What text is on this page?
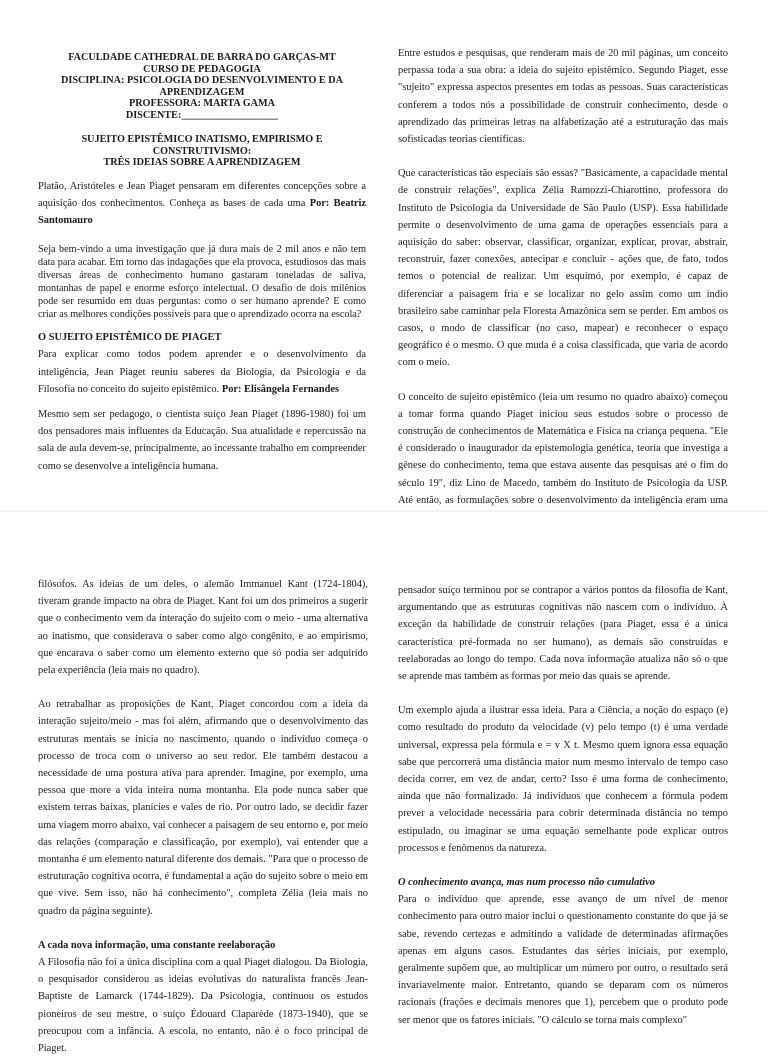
FACULDADE CATHEDRAL DE BARRA DO GARÇAS-MT

CURSO DE PEDAGOGIA

DISCIPLINA: PSICOLOGIA DO DESENVOLVIMENTO E DA APRENDIZAGEM

PROFESSORA: MARTA GAMA

DISCENTE:___________________

SUJEITO EPISTÊMICO INATISMO, EMPIRISMO E CONSTRUTIVISMO:

TRÊS IDEIAS SOBRE A APRENDIZAGEM

Platão, Aristóteles e Jean Piaget pensaram em diferentes concepções sobre a aquisição dos conhecimentos. Conheça as bases de cada uma Por: Beatriz Santomauro

Seja bem-vindo a uma investigação que já dura mais de 2 mil anos e não tem data para acabar. Em torno das indagações que ela provoca, estudiosos das mais diversas áreas de conhecimento humano gastaram toneladas de saliva, montanhas de papel e enorme esforço intelectual. O desafio de dois milênios pode ser resumido em duas perguntas: como o ser humano aprende? E como criar as melhores condições possíveis para que o aprendizado ocorra na escola?

O SUJEITO EPISTÊMICO DE PIAGET

Para explicar como todos podem aprender e o desenvolvimento da inteligência, Jean Piaget reuniu saberes da Biologia, da Psicologia e da Filosofia no conceito do sujeito epistêmico. Por: Elisângela Fernandes

Mesmo sem ser pedagogo, o cientista suíço Jean Piaget (1896-1980) foi um dos pensadores mais influentes da Educação. Sua atualidade e repercussão na sala de aula devem-se, principalmente, ao incessante trabalho em compreender como se desenvolve a inteligência humana.

Entre estudos e pesquisas, que renderam mais de 20 mil páginas, um conceito perpassa toda a sua obra: a ideia do sujeito epistêmico. Segundo Piaget, esse "sujeito" expressa aspectos presentes em todas as pessoas. Suas características conferem a todos nós a possibilidade de construir conhecimento, desde o aprendizado das primeiras letras na alfabetização até a estruturação das mais sofisticadas teorias científicas.

Que características tão especiais são essas? "Basicamente, a capacidade mental de construir relações", explica Zélia Ramozzi-Chiarottino, professora do Instituto de Psicologia da Universidade de São Paulo (USP). Essa habilidade permite o desenvolvimento de uma gama de operações essenciais para a aquisição do saber: observar, classificar, organizar, explicar, provar, abstrair, reconstruir, fazer conexões, antecipar e concluir - ações que, de fato, todos temos o potencial de realizar. Um esquimó, por exemplo, é capaz de diferenciar a paisagem fria e se localizar no gelo assim como um índio brasileiro sabe caminhar pela Floresta Amazônica sem se perder. Em ambos os casos, o modo de classificar (no caso, mapear) e reconhecer o espaço geográfico é o mesmo. O que muda é a coisa classificada, que varia de acordo com o meio.

O conceito de sujeito epistêmico (leia um resumo no quadro abaixo) começou a tomar forma quando Piaget iniciou seus estudos sobre o processo de construção de conhecimentos de Matemática e Física na criança pequena. "Ele é considerado o inaugurador da epistemologia genética, teoria que investiga a gênese do conhecimento, tema que estava ausente das pesquisas até o fim do século 19", diz Lino de Macedo, também do Instituto de Psicologia da USP. Até então, as formulações sobre o desenvolvimento da inteligência eram uma

filósofos. As ideias de um deles, o alemão Immanuel Kant (1724-1804), tiveram grande impacto na obra de Piaget. Kant foi um dos primeiros a sugerir que o conhecimento vem da interação do sujeito com o meio - uma alternativa ao inatismo, que considerava o saber como algo congênito, e ao empirismo, que encarava o saber como um elemento externo que só podia ser adquirido pela experiência (leia mais no quadro).

Ao retrabalhar as proposições de Kant, Piaget concordou com a ideia da interação sujeito/meio - mas foi além, afirmando que o desenvolvimento das estruturas mentais se inicia no nascimento, quando o indivíduo começa o processo de troca com o universo ao seu redor. Ele também destacou a necessidade de uma postura ativa para aprender. Imagine, por exemplo, uma pessoa que more a vida inteira numa montanha. Ela pode nunca saber que existem terras baixas, planícies e vales de rio. Por outro lado, se decidir fazer uma viagem morro abaixo, vai conhecer a paisagem de seu entorno e, por meio das relações (comparação e classificação, por exemplo), vai entender que a montanha é um elemento natural diferente dos demais. "Para que o processo de estruturação cognitiva ocorra, é fundamental a ação do sujeito sobre o meio em que vive. Sem isso, não há conhecimento", completa Zélia (leia mais no quadro da página seguinte).

A cada nova informação, uma constante reelaboração

A Filosofia não foi a única disciplina com a qual Piaget dialogou. Da Biologia, o pesquisador considerou as ideias evolutivas do naturalista francês Jean-Baptiste de Lamarck (1744-1829). Da Psicologia, continuou os estudos pioneiros de seu mestre, o suíço Édouard Claparède (1873-1940), que se preocupou com a infância. A escola, no entanto, não é o foco principal de Piaget.

pensador suíço terminou por se contrapor a vários pontos da filosofia de Kant, argumentando que as estruturas cognitivas não nascem com o indivíduo. À exceção da habilidade de construir relações (para Piaget, essa é a única característica pré-formada no ser humano), as demais são construídas e reelaboradas ao longo do tempo. Cada nova informação atualiza não só o que se aprende mas também as formas por meio das quais se aprende.

Um exemplo ajuda a ilustrar essa ideia. Para a Ciência, a noção do espaço (e) como resultado do produto da velocidade (v) pelo tempo (t) é uma verdade universal, expressa pela fórmula e = v X t. Mesmo quem ignora essa equação sabe que percorrerá uma distância maior num mesmo intervalo de tempo caso decida correr, em vez de andar, certo? Isso é uma forma de conhecimento, ainda que não formalizado. Já indivíduos que conhecem a fórmula podem prever a velocidade necessária para cobrir determinada distância no tempo estipulado, ou imaginar se uma equação semelhante pode explicar outros processos e fenômenos da natureza.

O conhecimento avança, mas num processo não cumulativo

Para o indivíduo que aprende, esse avanço de um nível de menor conhecimento para outro maior inclui o questionamento constante do que já se sabe, revendo certezas e admitindo a validade de determinadas afirmações apenas em alguns casos. Estudantes das séries iniciais, por exemplo, geralmente supõem que, ao multiplicar um número por outro, o resultado será invariavelmente maior. Entretanto, quando se deparam com os números racionais (frações e decimais menores que 1), percebem que o produto pode ser menor que os fatores iniciais. "O cálculo se torna mais complexo"
